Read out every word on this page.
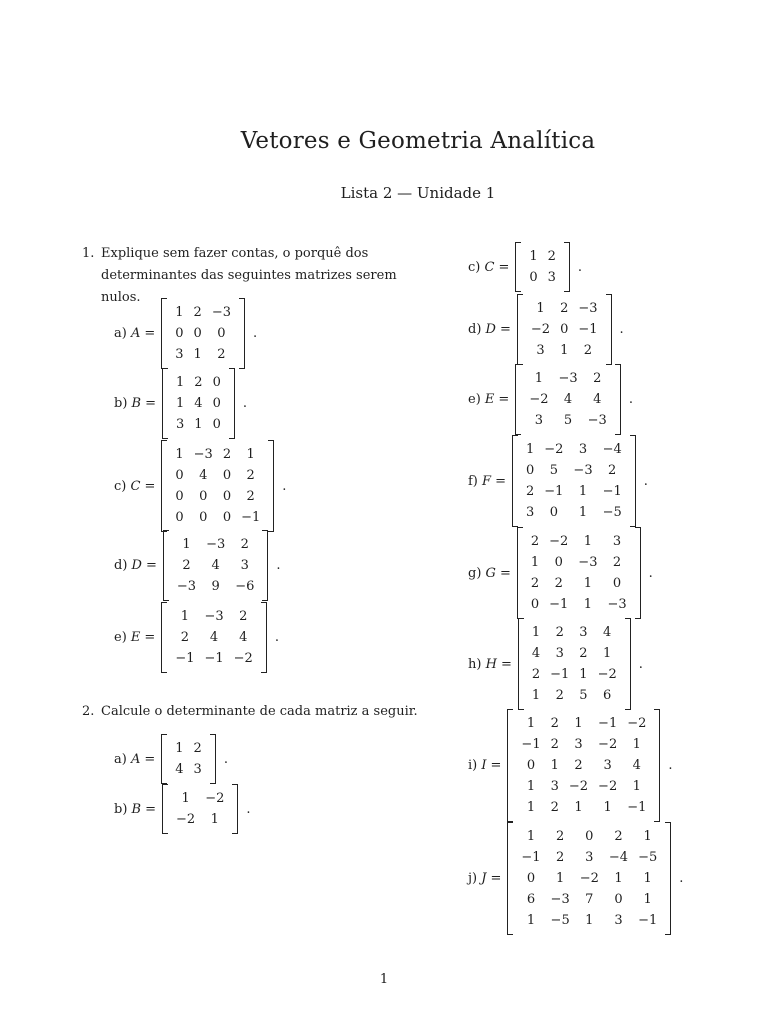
Vetores e Geometria Analítica
Lista 2 — Unidade 1
1. Explique sem fazer contas, o porquê dos determinantes das seguintes matrizes serem nulos.
2. Calcule o determinante de cada matriz a seguir.
a) A =
1	2	−3
0	0	0
3	1	2
.
b) B =
1	2	0
1	4	0
3	1	0
.
c) C =
1	−3	2	1
0	4	0	2
0	0	0	2
0	0	0	−1
.
d) D =
1	−3	2
2	4	3
−3	9	−6
.
e) E =
1	−3	2
2	4	4
−1	−1	−2
.
a) A =
1	2
4	3
.
b) B =
1	−2
−2	1
.
c) C =
1	2
0	3
.
d) D =
1	2	−3
−2	0	−1
3	1	2
.
e) E =
1	−3	2
−2	4	4
3	5	−3
.
f) F =
1	−2	3	−4
0	5	−3	2
2	−1	1	−1
3	0	1	−5
.
g) G =
2	−2	1	3
1	0	−3	2
2	2	1	0
0	−1	1	−3
.
h) H =
1	2	3	4
4	3	2	1
2	−1	1	−2
1	2	5	6
.
i) I =
1	2	1	−1	−2
−1	2	3	−2	1
0	1	2	3	4
1	3	−2	−2	1
1	2	1	1	−1
.
j) J =
1	2	0	2	1
−1	2	3	−4	−5
0	1	−2	1	1
6	−3	7	0	1
1	−5	1	3	−1
.
1
